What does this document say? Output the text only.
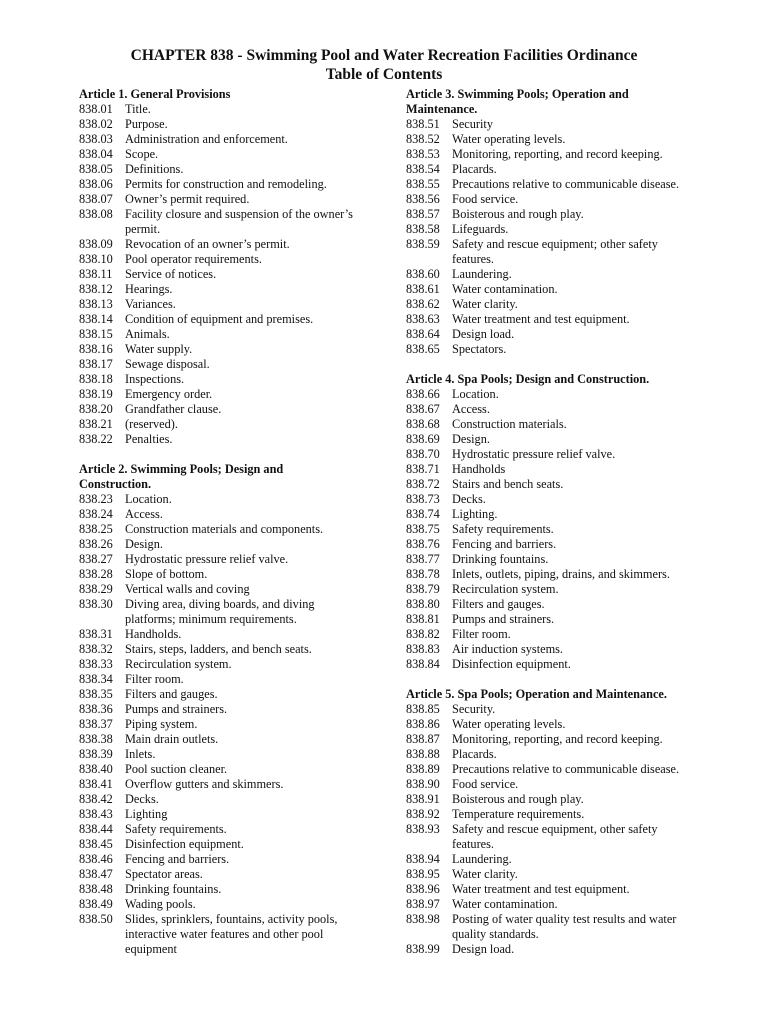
CHAPTER 838 - Swimming Pool and Water Recreation Facilities Ordinance
Table of Contents
Article 1. General Provisions
838.01 Title.
838.02 Purpose.
838.03 Administration and enforcement.
838.04 Scope.
838.05 Definitions.
838.06 Permits for construction and remodeling.
838.07 Owner’s permit required.
838.08 Facility closure and suspension of the owner’s
permit.
838.09 Revocation of an owner’s permit.
838.10 Pool operator requirements.
838.11	Service of notices.
838.12 Hearings.
838.13 Variances.
838.14 Condition of equipment and premises.
838.15 Animals.
838.16 Water supply.
838.17 Sewage disposal.
838.18 Inspections.
838.19 Emergency order.
838.20 Grandfather clause.
838.21 (reserved).
838.22 Penalties.
Article 2. Swimming Pools; Design and
Construction.
838.23 Location.
838.24 Access.
838.25 Construction materials and components.
838.26 Design.
838.27 Hydrostatic pressure relief valve.
838.28 Slope of bottom.
838.29 Vertical walls and coving
838.30 Diving area, diving boards, and diving
platforms; minimum requirements.
838.31 Handholds.
838.32 Stairs, steps, ladders, and bench seats.
838.33 Recirculation system.
838.34 Filter room.
838.35 Filters and gauges.
838.36 Pumps and strainers.
838.37 Piping system.
838.38 Main drain outlets.
838.39 Inlets.
838.40 Pool suction cleaner.
838.41 Overflow gutters and skimmers.
838.42 Decks.
838.43 Lighting
838.44 Safety requirements.
838.45 Disinfection equipment.
838.46 Fencing and barriers.
838.47 Spectator areas.
838.48 Drinking fountains.
838.49 Wading pools.
838.50 Slides, sprinklers, fountains, activity pools,
interactive water features and other pool
equipment
Article 3. Swimming Pools; Operation and
Maintenance.
838.51 Security
838.52 Water operating levels.
838.53 Monitoring, reporting, and record keeping.
838.54 Placards.
838.55 Precautions relative to communicable disease.
838.56 Food service.
838.57 Boisterous and rough play.
838.58 Lifeguards.
838.59 Safety and rescue equipment; other safety
features.
838.60 Laundering.
838.61 Water contamination.
838.62 Water clarity.
838.63 Water treatment and test equipment.
838.64 Design load.
838.65 Spectators.
Article 4. Spa Pools; Design and Construction.
838.66 Location.
838.67 Access.
838.68 Construction materials.
838.69 Design.
838.70 Hydrostatic pressure relief valve.
838.71 Handholds
838.72 Stairs and bench seats.
838.73 Decks.
838.74 Lighting.
838.75 Safety requirements.
838.76 Fencing and barriers.
838.77 Drinking fountains.
838.78 Inlets, outlets, piping, drains, and skimmers.
838.79 Recirculation system.
838.80 Filters and gauges.
838.81 Pumps and strainers.
838.82 Filter room.
838.83 Air induction systems.
838.84 Disinfection equipment.
Article 5. Spa Pools; Operation and Maintenance.
838.85 Security.
838.86 Water operating levels.
838.87 Monitoring, reporting, and record keeping.
838.88 Placards.
838.89 Precautions relative to communicable disease.
838.90 Food service.
838.91 Boisterous and rough play.
838.92 Temperature requirements.
838.93 Safety and rescue equipment, other safety
features.
838.94 Laundering.
838.95 Water clarity.
838.96 Water treatment and test equipment.
838.97 Water contamination.
838.98 Posting of water quality test results and water
quality standards.
838.99 Design load.
